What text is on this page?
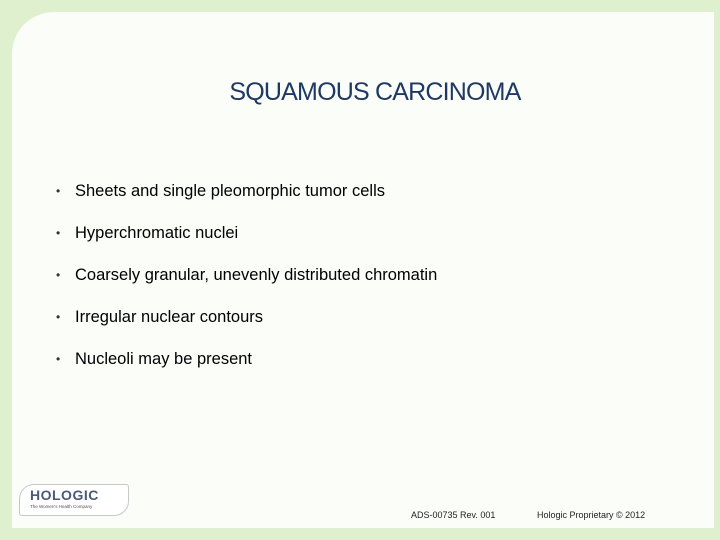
SQUAMOUS CARCINOMA
• Sheets and single pleomorphic tumor cells
• Hyperchromatic nuclei
• Coarsely granular, unevenly distributed chromatin
• Irregular nuclear contours
• Nucleoli may be present
HOLOGIC
The Women's Health Company
ADS-00735 Rev. 001	Hologic Proprietary © 2012
